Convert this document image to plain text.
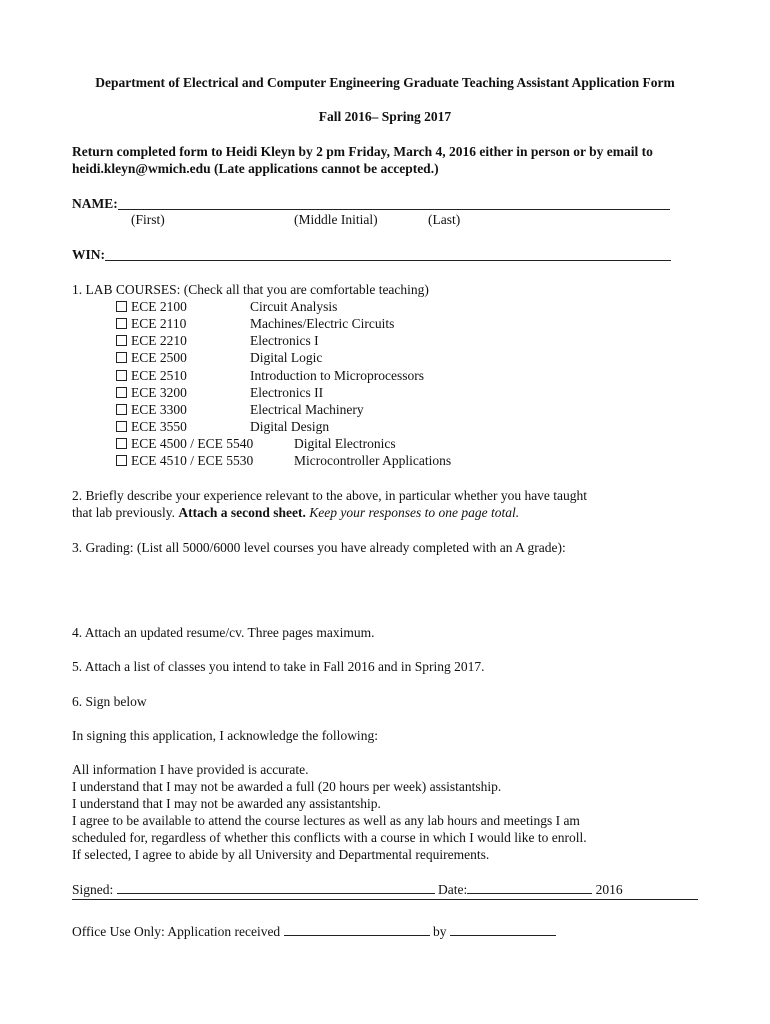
Department of Electrical and Computer Engineering Graduate Teaching Assistant Application Form
Fall 2016– Spring 2017
Return completed form to Heidi Kleyn by 2 pm Friday, March 4, 2016 either in person or by email to
heidi.kleyn@wmich.edu (Late applications cannot be accepted.)
NAME:
(First)	(Middle Initial)	(Last)
WIN:
1. LAB COURSES: (Check all that you are comfortable teaching)
ECE 2100	Circuit Analysis
ECE 2110	Machines/Electric Circuits
ECE 2210	Electronics I
ECE 2500	Digital Logic
ECE 2510	Introduction to Microprocessors
ECE 3200	Electronics II
ECE 3300	Electrical Machinery
ECE 3550	Digital Design
ECE 4500 / ECE 5540	Digital Electronics
ECE 4510 / ECE 5530	Microcontroller Applications
2. Briefly describe your experience relevant to the above, in particular whether you have taught
that lab previously. Attach a second sheet. Keep your responses to one page total.
3. Grading: (List all 5000/6000 level courses you have already completed with an A grade):
4. Attach an updated resume/cv. Three pages maximum.
5. Attach a list of classes you intend to take in Fall 2016 and in Spring 2017.
6. Sign below
In signing this application, I acknowledge the following:
All information I have provided is accurate.
I understand that I may not be awarded a full (20 hours per week) assistantship.
I understand that I may not be awarded any assistantship.
I agree to be available to attend the course lectures as well as any lab hours and meetings I am
scheduled for, regardless of whether this conflicts with a course in which I would like to enroll.
If selected, I agree to abide by all University and Departmental requirements.
Signed:	Date:	2016
Office Use Only: Application received	by
